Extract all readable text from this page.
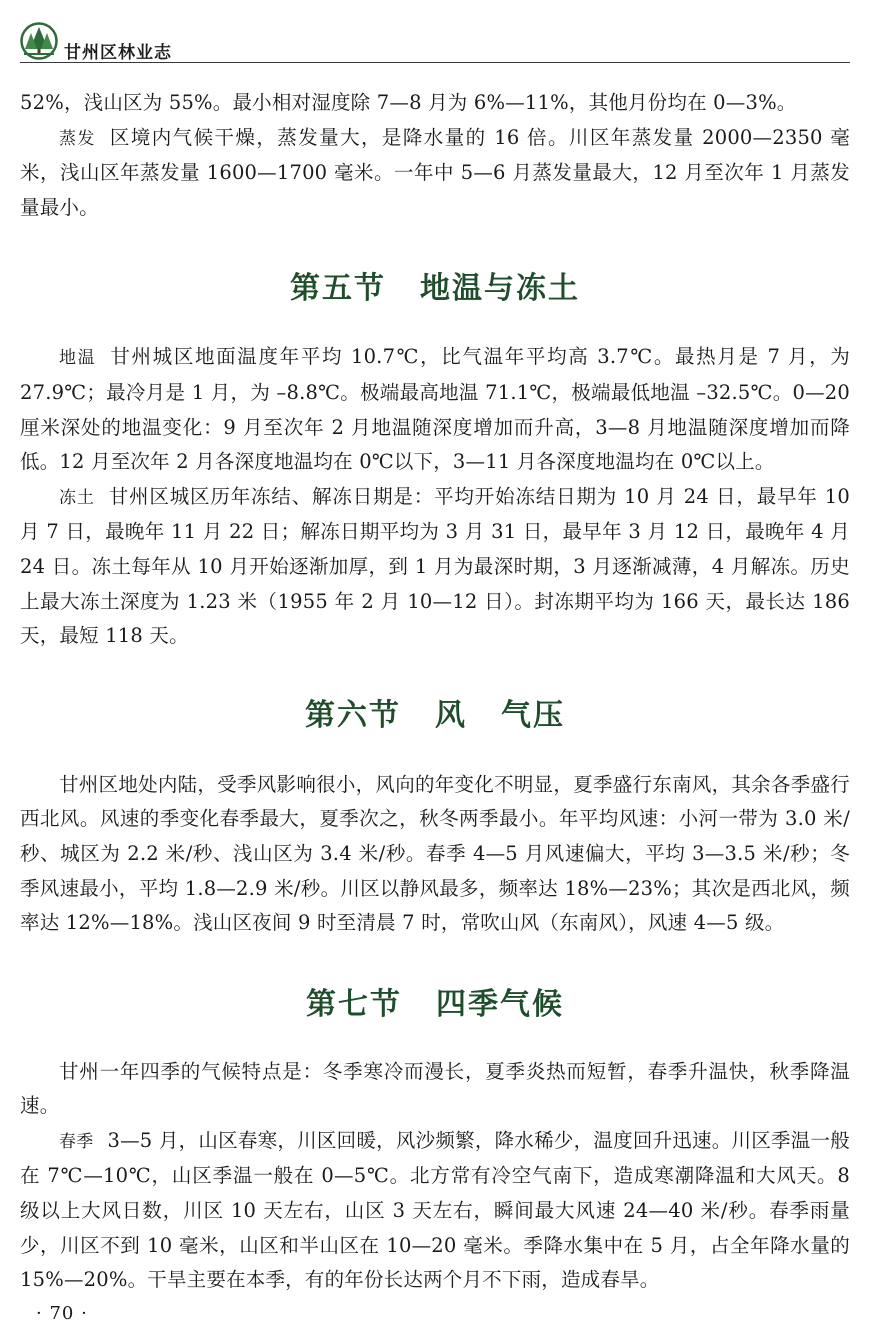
甘州区林业志

52%，浅山区为 55%。最小相对湿度除 7—8 月为 6%—11%，其他月份均在 0—3%。

蒸发 区境内气候干燥，蒸发量大，是降水量的 16 倍。川区年蒸发量 2000—2350 毫米，浅山区年蒸发量 1600—1700 毫米。一年中 5—6 月蒸发量最大，12 月至次年 1 月蒸发量最小。

第五节 地温与冻土

地温 甘州城区地面温度年平均 10.7℃，比气温年平均高 3.7℃。最热月是 7 月，为 27.9℃；最冷月是 1 月，为 –8.8℃。极端最高地温 71.1℃，极端最低地温 –32.5℃。0—20 厘米深处的地温变化：9 月至次年 2 月地温随深度增加而升高，3—8 月地温随深度增加而降低。12 月至次年 2 月各深度地温均在 0℃以下，3—11 月各深度地温均在 0℃以上。

冻土 甘州区城区历年冻结、解冻日期是：平均开始冻结日期为 10 月 24 日，最早年 10 月 7 日，最晚年 11 月 22 日；解冻日期平均为 3 月 31 日，最早年 3 月 12 日，最晚年 4 月 24 日。冻土每年从 10 月开始逐渐加厚，到 1 月为最深时期，3 月逐渐减薄，4 月解冻。历史上最大冻土深度为 1.23 米（1955 年 2 月 10—12 日）。封冻期平均为 166 天，最长达 186 天，最短 118 天。

第六节 风 气压

甘州区地处内陆，受季风影响很小，风向的年变化不明显，夏季盛行东南风，其余各季盛行西北风。风速的季变化春季最大，夏季次之，秋冬两季最小。年平均风速：小河一带为 3.0 米/秒、城区为 2.2 米/秒、浅山区为 3.4 米/秒。春季 4—5 月风速偏大，平均 3—3.5 米/秒；冬季风速最小，平均 1.8—2.9 米/秒。川区以静风最多，频率达 18%—23%；其次是西北风，频率达 12%—18%。浅山区夜间 9 时至清晨 7 时，常吹山风（东南风），风速 4—5 级。

第七节 四季气候

甘州一年四季的气候特点是：冬季寒冷而漫长，夏季炎热而短暂，春季升温快，秋季降温速。

春季 3—5 月，山区春寒，川区回暖，风沙频繁，降水稀少，温度回升迅速。川区季温一般在 7℃—10℃，山区季温一般在 0—5℃。北方常有冷空气南下，造成寒潮降温和大风天。8 级以上大风日数，川区 10 天左右，山区 3 天左右，瞬间最大风速 24—40 米/秒。春季雨量少，川区不到 10 毫米，山区和半山区在 10—20 毫米。季降水集中在 5 月，占全年降水量的 15%—20%。干旱主要在本季，有的年份长达两个月不下雨，造成春旱。

· 70 ·
